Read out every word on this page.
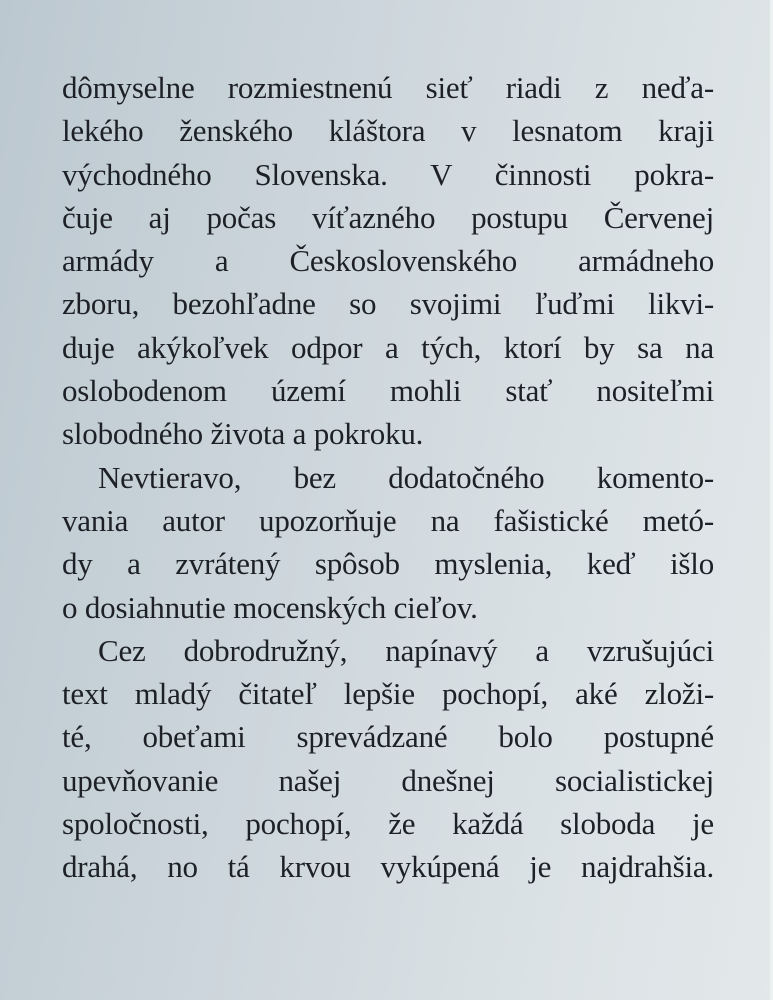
dômyselne rozmiestnenú sieť riadi z neďa-
lekého ženského kláštora v lesnatom kraji
východného Slovenska. V činnosti pokra-
čuje aj počas víťazného postupu Červenej
armády a Československého armádneho
zboru, bezohľadne so svojimi ľuďmi likvi-
duje akýkoľvek odpor a tých, ktorí by sa na
oslobodenom území mohli stať nositeľmi
slobodného života a pokroku.
Nevtieravo, bez dodatočného komento-
vania autor upozorňuje na fašistické metó-
dy a zvrátený spôsob myslenia, keď išlo
o dosiahnutie mocenských cieľov.
Cez dobrodružný, napínavý a vzrušujúci
text mladý čitateľ lepšie pochopí, aké zloži-
té, obeťami sprevádzané bolo postupné
upevňovanie našej dnešnej socialistickej
spoločnosti, pochopí, že každá sloboda je
drahá, no tá krvou vykúpená je najdrahšia.
